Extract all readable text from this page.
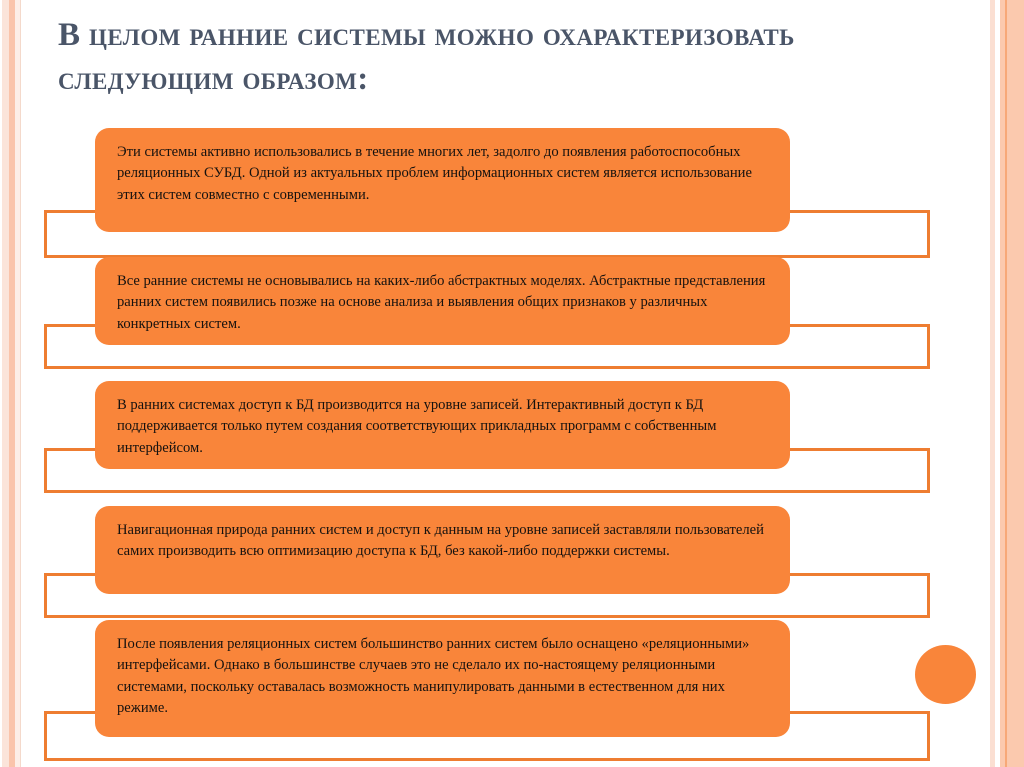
В целом ранние системы можно охарактеризовать следующим образом:

Эти системы активно использовались в течение многих лет, задолго до появления работоспособных реляционных СУБД. Одной из актуальных проблем информационных систем является использование этих систем совместно с современными.

Все ранние системы не основывались на каких-либо абстрактных моделях. Абстрактные представления ранних систем появились позже на основе анализа и выявления общих признаков у различных конкретных систем.

В ранних системах доступ к БД производится на уровне записей. Интерактивный доступ к БД поддерживается только путем создания соответствующих прикладных программ с собственным интерфейсом.

Навигационная природа ранних систем и доступ к данным на уровне записей заставляли пользователей самих производить всю оптимизацию доступа к БД, без какой-либо поддержки системы.

После появления реляционных систем большинство ранних систем было оснащено «реляционными» интерфейсами. Однако в большинстве случаев это не сделало их по-настоящему реляционными системами, поскольку оставалась возможность манипулировать данными в естественном для них режиме.
